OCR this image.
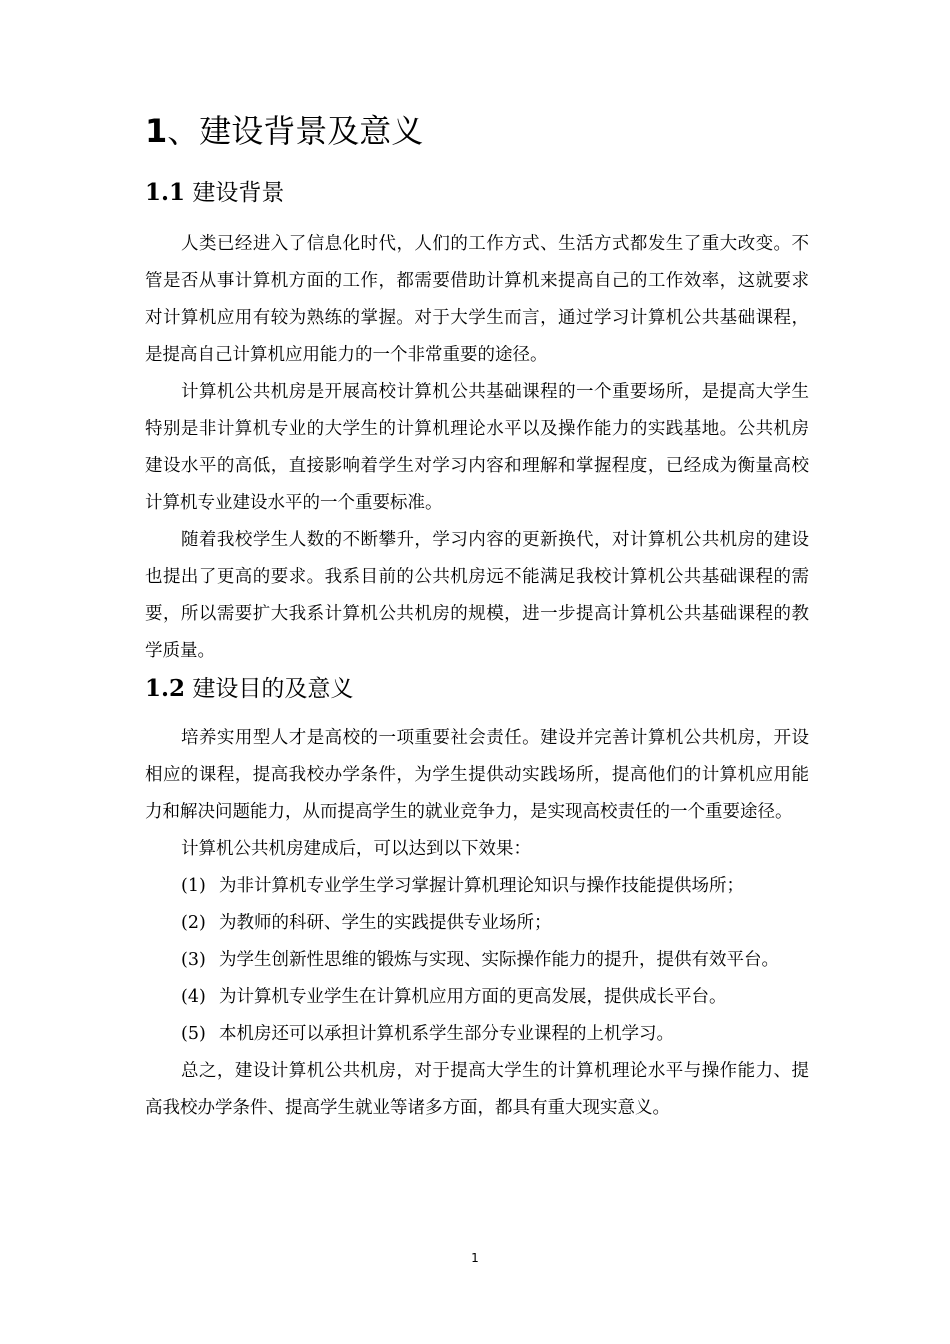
1、建设背景及意义
1.1 建设背景

人类已经进入了信息化时代，人们的工作方式、生活方式都发生了重大改变。不管是否从事计算机方面的工作，都需要借助计算机来提高自己的工作效率，这就要求对计算机应用有较为熟练的掌握。对于大学生而言，通过学习计算机公共基础课程，是提高自己计算机应用能力的一个非常重要的途径。

计算机公共机房是开展高校计算机公共基础课程的一个重要场所，是提高大学生特别是非计算机专业的大学生的计算机理论水平以及操作能力的实践基地。公共机房建设水平的高低，直接影响着学生对学习内容和理解和掌握程度，已经成为衡量高校计算机专业建设水平的一个重要标准。

随着我校学生人数的不断攀升，学习内容的更新换代，对计算机公共机房的建设也提出了更高的要求。我系目前的公共机房远不能满足我校计算机公共基础课程的需要，所以需要扩大我系计算机公共机房的规模，进一步提高计算机公共基础课程的教学质量。

1.2 建设目的及意义

培养实用型人才是高校的一项重要社会责任。建设并完善计算机公共机房，开设相应的课程，提高我校办学条件，为学生提供动实践场所，提高他们的计算机应用能力和解决问题能力，从而提高学生的就业竞争力，是实现高校责任的一个重要途径。

计算机公共机房建成后，可以达到以下效果：

(1) 为非计算机专业学生学习掌握计算机理论知识与操作技能提供场所；
(2) 为教师的科研、学生的实践提供专业场所；
(3) 为学生创新性思维的锻炼与实现、实际操作能力的提升，提供有效平台。
(4) 为计算机专业学生在计算机应用方面的更高发展，提供成长平台。
(5) 本机房还可以承担计算机系学生部分专业课程的上机学习。

总之，建设计算机公共机房，对于提高大学生的计算机理论水平与操作能力、提高我校办学条件、提高学生就业等诸多方面，都具有重大现实意义。

1
